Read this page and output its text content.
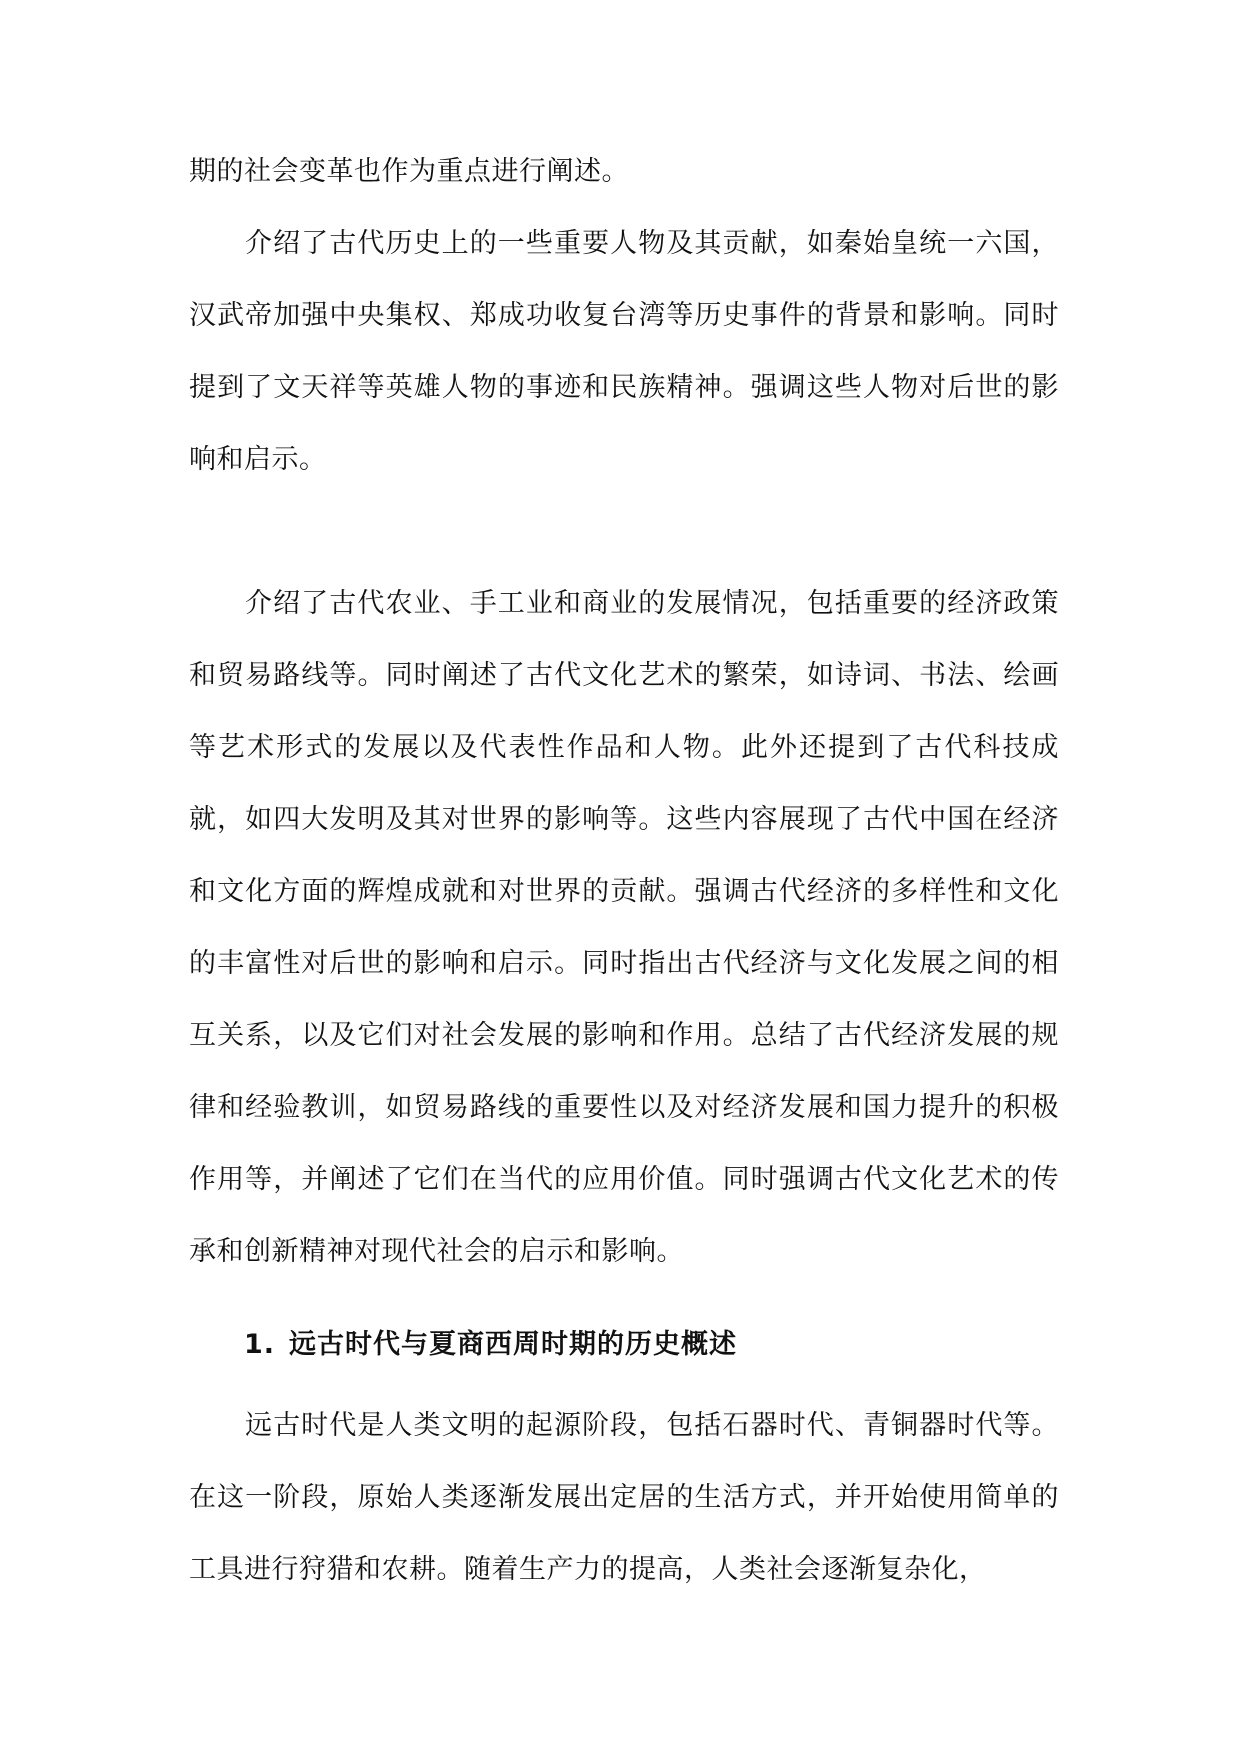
期的社会变革也作为重点进行阐述。

介绍了古代历史上的一些重要人物及其贡献，如秦始皇统一六国，汉武帝加强中央集权、郑成功收复台湾等历史事件的背景和影响。同时提到了文天祥等英雄人物的事迹和民族精神。强调这些人物对后世的影响和启示。

介绍了古代农业、手工业和商业的发展情况，包括重要的经济政策和贸易路线等。同时阐述了古代文化艺术的繁荣，如诗词、书法、绘画等艺术形式的发展以及代表性作品和人物。此外还提到了古代科技成就，如四大发明及其对世界的影响等。这些内容展现了古代中国在经济和文化方面的辉煌成就和对世界的贡献。强调古代经济的多样性和文化的丰富性对后世的影响和启示。同时指出古代经济与文化发展之间的相互关系，以及它们对社会发展的影响和作用。总结了古代经济发展的规律和经验教训，如贸易路线的重要性以及对经济发展和国力提升的积极作用等，并阐述了它们在当代的应用价值。同时强调古代文化艺术的传承和创新精神对现代社会的启示和影响。

1. 远古时代与夏商西周时期的历史概述

远古时代是人类文明的起源阶段，包括石器时代、青铜器时代等。在这一阶段，原始人类逐渐发展出定居的生活方式，并开始使用简单的工具进行狩猎和农耕。随着生产力的提高，人类社会逐渐复杂化，
